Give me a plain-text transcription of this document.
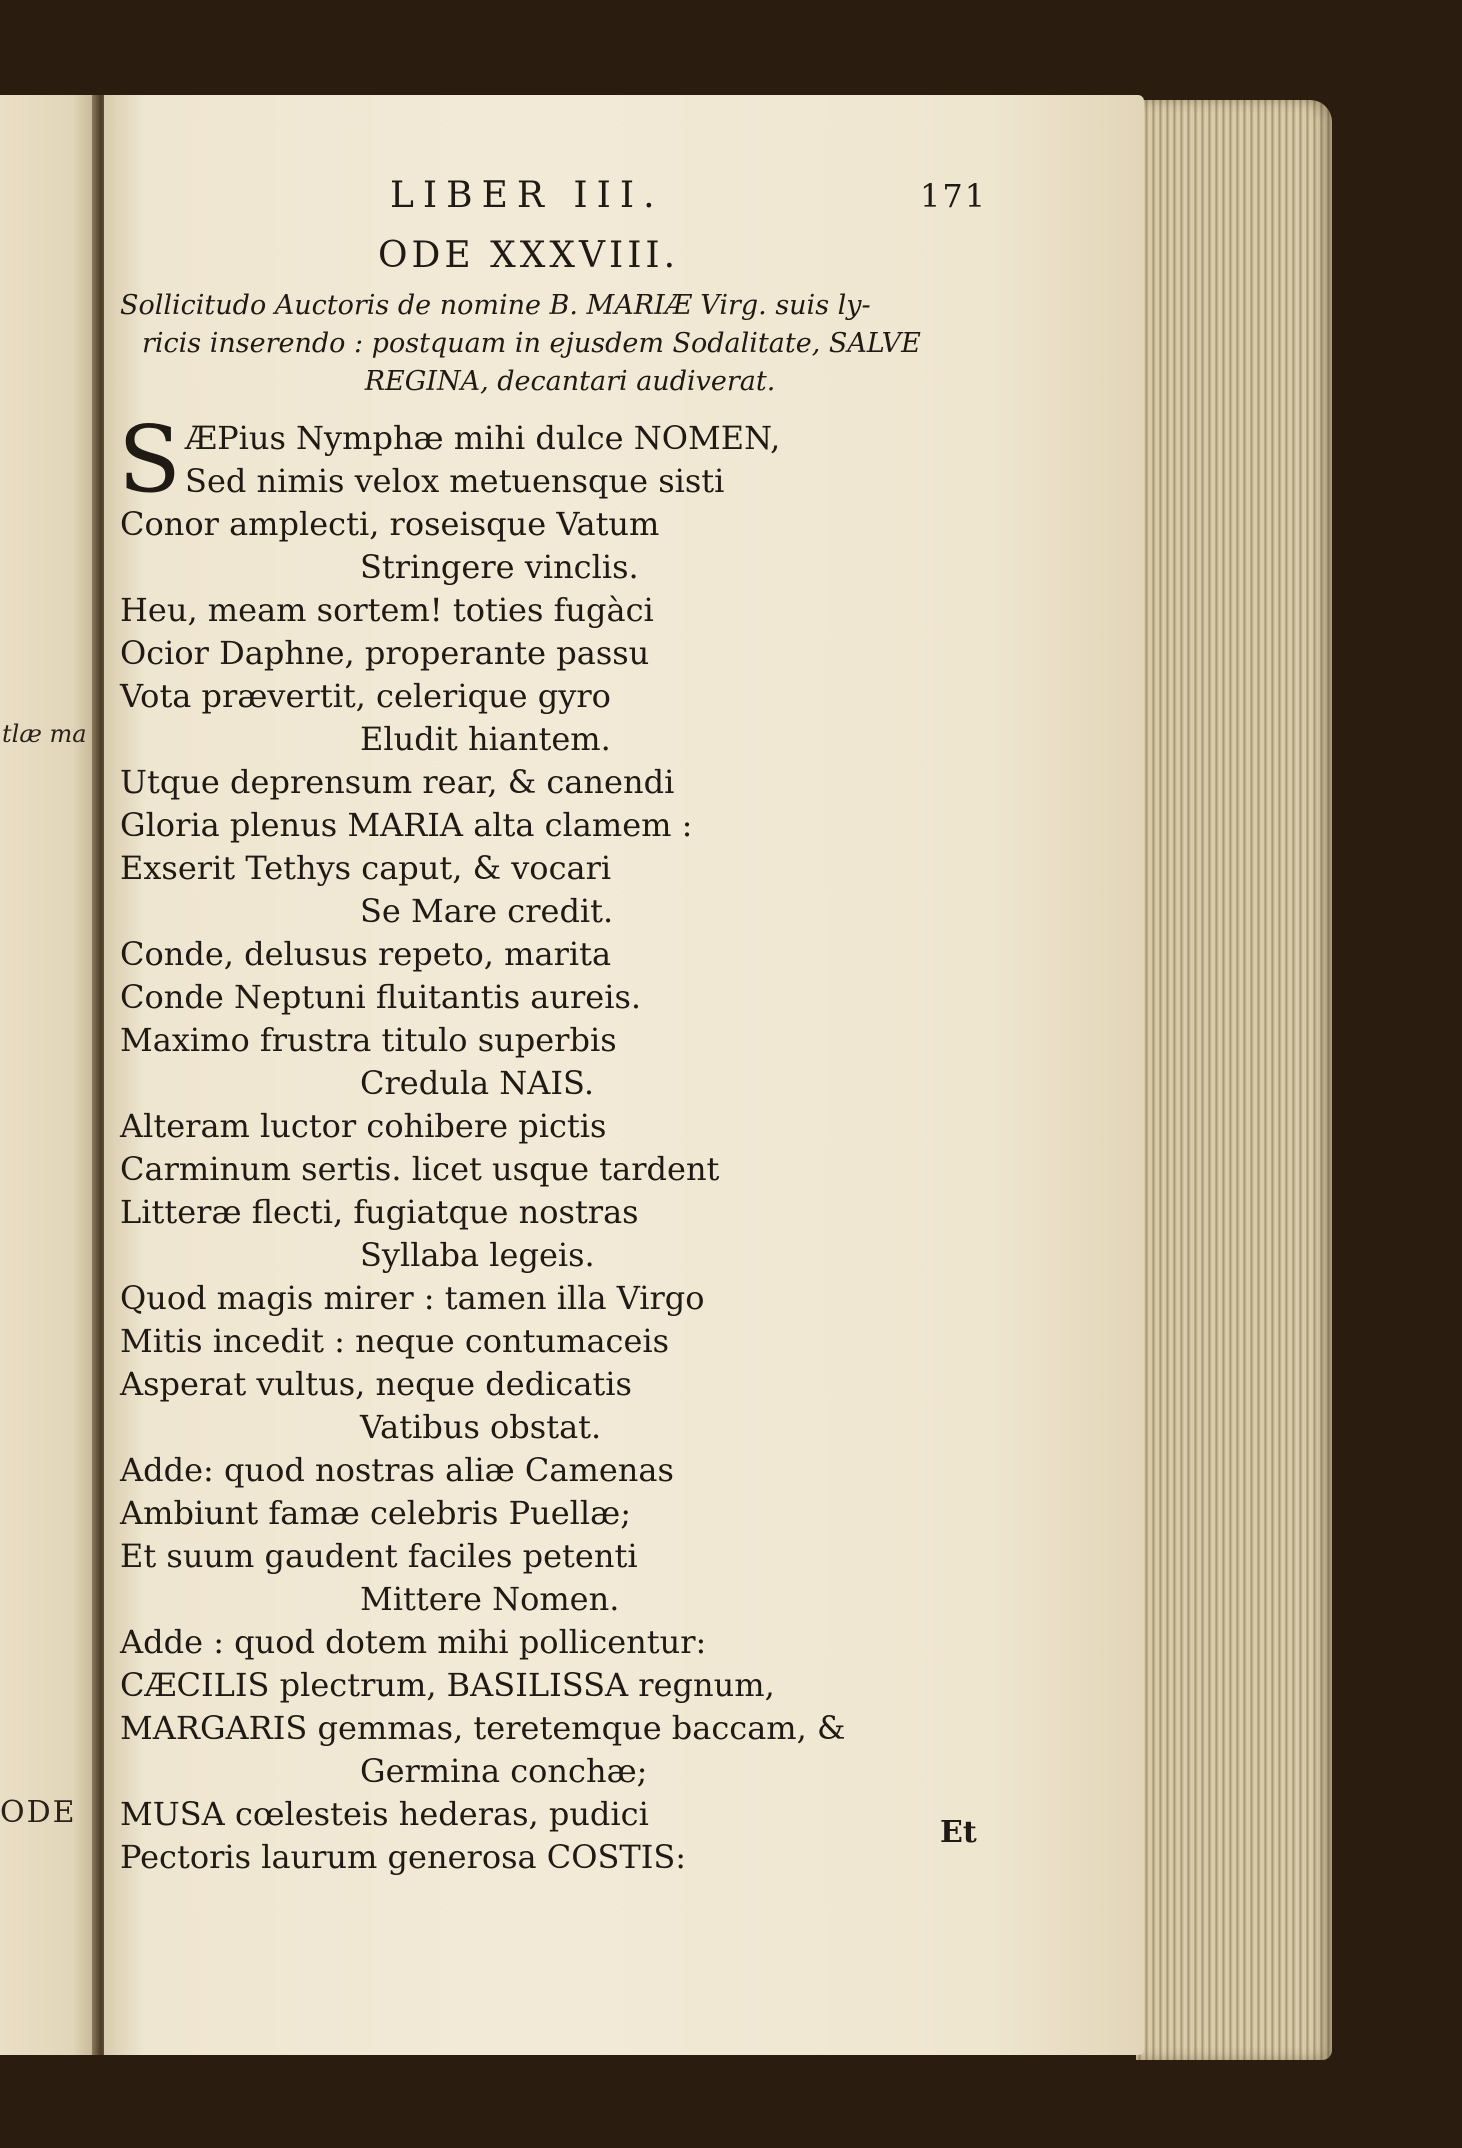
tlæ ma
ODE
LIBER III.	171
ODE XXXVIII.
Sollicitudo Auctoris de nomine B. MARIÆ Virg. suis ly-
ricis inserendo : postquam in ejusdem Sodalitate, SALVE
REGINA, decantari audiverat.
S ÆPius Nymphæ mihi dulce NOMEN,
Sed nimis velox metuensque sisti
Conor amplecti, roseisque Vatum
Stringere vinclis.
Heu, meam sortem! toties fugàci
Ocior Daphne, properante passu
Vota prævertit, celerique gyro
Eludit hiantem.
Utque deprensum rear, & canendi
Gloria plenus MARIA alta clamem :
Exserit Tethys caput, & vocari
Se Mare credit.
Conde, delusus repeto, marita
Conde Neptuni fluitantis aureis.
Maximo frustra titulo superbis
Credula NAIS.
Alteram luctor cohibere pictis
Carminum sertis. licet usque tardent
Litteræ flecti, fugiatque nostras
Syllaba legeis.
Quod magis mirer : tamen illa Virgo
Mitis incedit : neque contumaceis
Asperat vultus, neque dedicatis
Vatibus obstat.
Adde: quod nostras aliæ Camenas
Ambiunt famæ celebris Puellæ;
Et suum gaudent faciles petenti
Mittere Nomen.
Adde : quod dotem mihi pollicentur:
CÆCILIS plectrum, BASILISSA regnum,
MARGARIS gemmas, teretemque baccam, &
Germina conchæ;
MUSA cœlesteis hederas, pudici
Pectoris laurum generosa COSTIS:
Et
